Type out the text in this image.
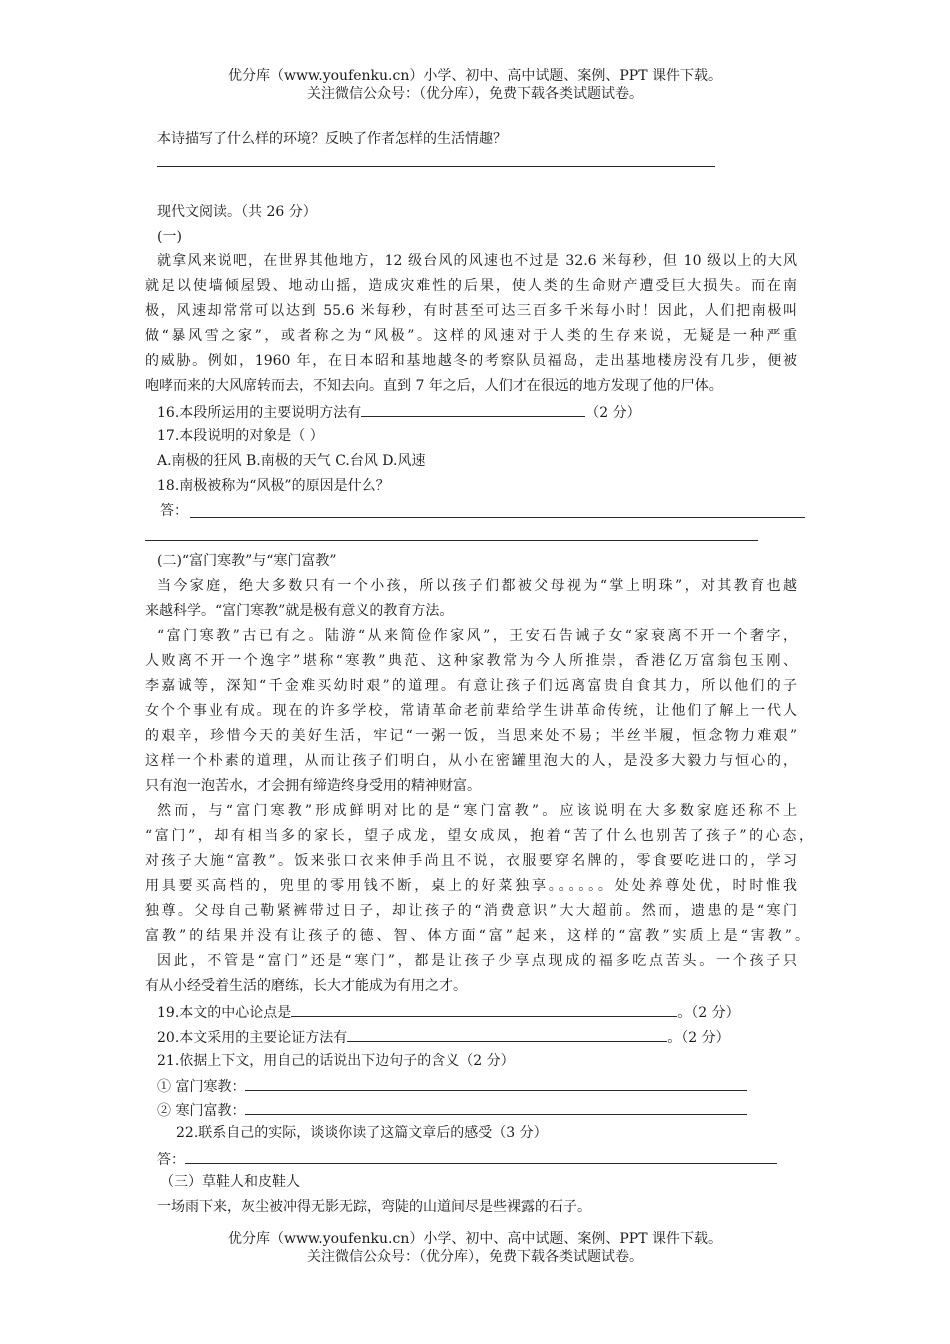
优分库（www.youfenku.cn）小学、初中、高中试题、案例、PPT 课件下载。
关注微信公众号：（优分库），免费下载各类试题试卷。
本诗描写了什么样的环境？反映了作者怎样的生活情趣？
现代文阅读。（共 26 分）
(一)
就拿风来说吧，在世界其他地方，12 级台风的风速也不过是 32.6 米每秒，但 10 级以上的大风
就足以使墙倾屋毁、地动山摇，造成灾难性的后果，使人类的生命财产遭受巨大损失。而在南
极，风速却常常可以达到 55.6 米每秒，有时甚至可达三百多千米每小时！因此，人们把南极叫
做“暴风雪之家”，或者称之为“风极”。这样的风速对于人类的生存来说，无疑是一种严重
的威胁。例如，1960 年，在日本昭和基地越冬的考察队员福岛，走出基地楼房没有几步，便被
咆哮而来的大风席转而去，不知去向。直到 7 年之后，人们才在很远的地方发现了他的尸体。
16.本段所运用的主要说明方法有	（2 分）
17.本段说明的对象是（ ）
A.南极的狂风 B.南极的天气 C.台风 D.风速
18.南极被称为“风极”的原因是什么？
答：
(二)“富门寒教”与“寒门富教”
当今家庭，绝大多数只有一个小孩，所以孩子们都被父母视为“掌上明珠”，对其教育也越
来越科学。“富门寒教”就是极有意义的教育方法。
“富门寒教”古已有之。陆游“从来简俭作家风”，王安石告诫子女“家衰离不开一个奢字，
人败离不开一个逸字”堪称“寒教”典范、这种家教常为今人所推崇，香港亿万富翁包玉刚、
李嘉诚等，深知“千金难买幼时艰”的道理。有意让孩子们远离富贵自食其力，所以他们的子
女个个事业有成。现在的许多学校，常请革命老前辈给学生讲革命传统，让他们了解上一代人
的艰辛，珍惜今天的美好生活，牢记“一粥一饭，当思来处不易；半丝半履，恒念物力难艰”
这样一个朴素的道理，从而让孩子们明白，从小在密罐里泡大的人，是没多大毅力与恒心的，
只有泡一泡苦水，才会拥有缔造终身受用的精神财富。
然而，与“富门寒教”形成鲜明对比的是“寒门富教”。应该说明在大多数家庭还称不上
“富门”，却有相当多的家长，望子成龙，望女成凤，抱着“苦了什么也别苦了孩子”的心态，
对孩子大施“富教”。饭来张口衣来伸手尚且不说，衣服要穿名牌的，零食要吃进口的，学习
用具要买高档的，兜里的零用钱不断，桌上的好菜独享。。。。。。处处养尊处优，时时惟我
独尊。父母自己勒紧裤带过日子，却让孩子的“消费意识”大大超前。然而，遗患的是“寒门
富教”的结果并没有让孩子的德、智、体方面“富”起来，这样的“富教”实质上是“害教”。
因此，不管是“富门”还是“寒门”，都是让孩子少享点现成的福多吃点苦头。一个孩子只
有从小经受着生活的磨练，长大才能成为有用之才。
19.本文的中心论点是	。（2 分）
20.本文采用的主要论证方法有	。（2 分）
21.依据上下文，用自己的话说出下边句子的含义（2 分）
① 富门寒教：
② 寒门富教：
22.联系自己的实际，谈谈你读了这篇文章后的感受（3 分）
答：
（三）草鞋人和皮鞋人
一场雨下来，灰尘被冲得无影无踪，弯陡的山道间尽是些裸露的石子。
优分库（www.youfenku.cn）小学、初中、高中试题、案例、PPT 课件下载。
关注微信公众号：（优分库），免费下载各类试题试卷。
